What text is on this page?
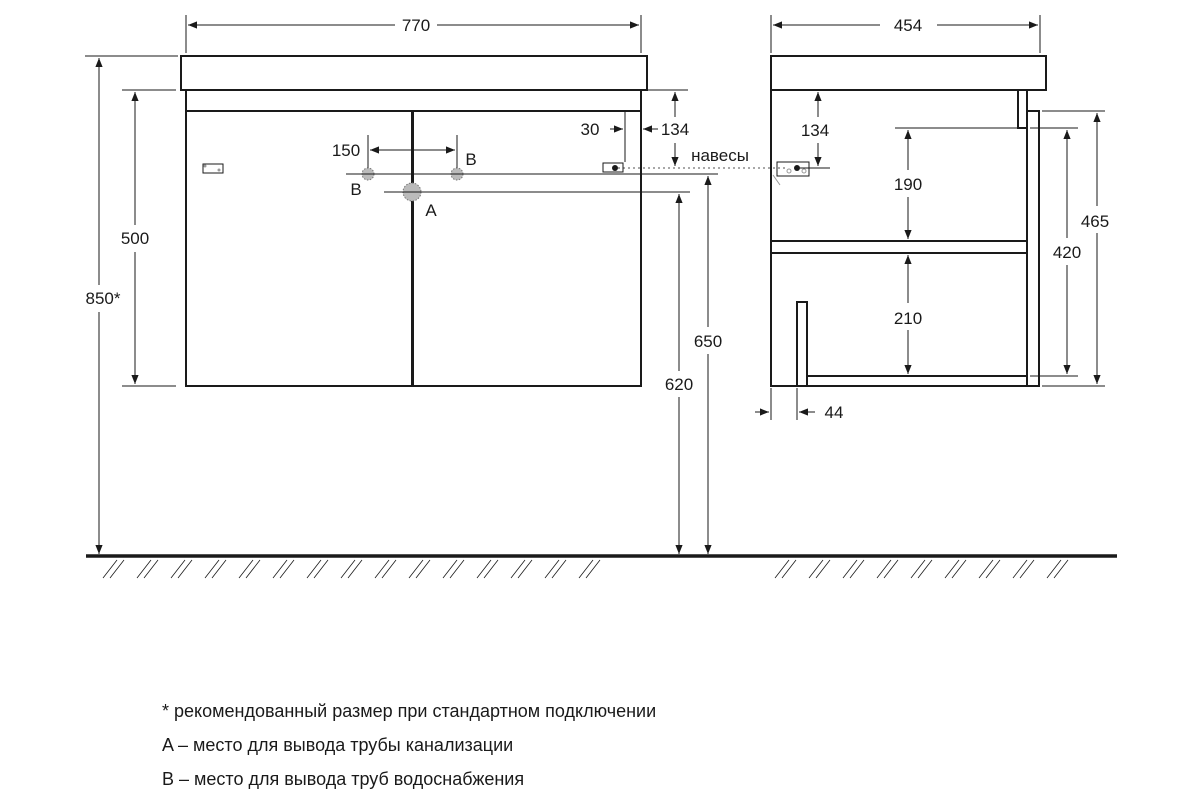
770
850*
500
150
B
B
A
30	134
навесы
650
620
454
134
190
210
420
465
44
* рекомендованный размер при стандартном подключении
A – место для вывода трубы канализации
B – место для вывода труб водоснабжения
